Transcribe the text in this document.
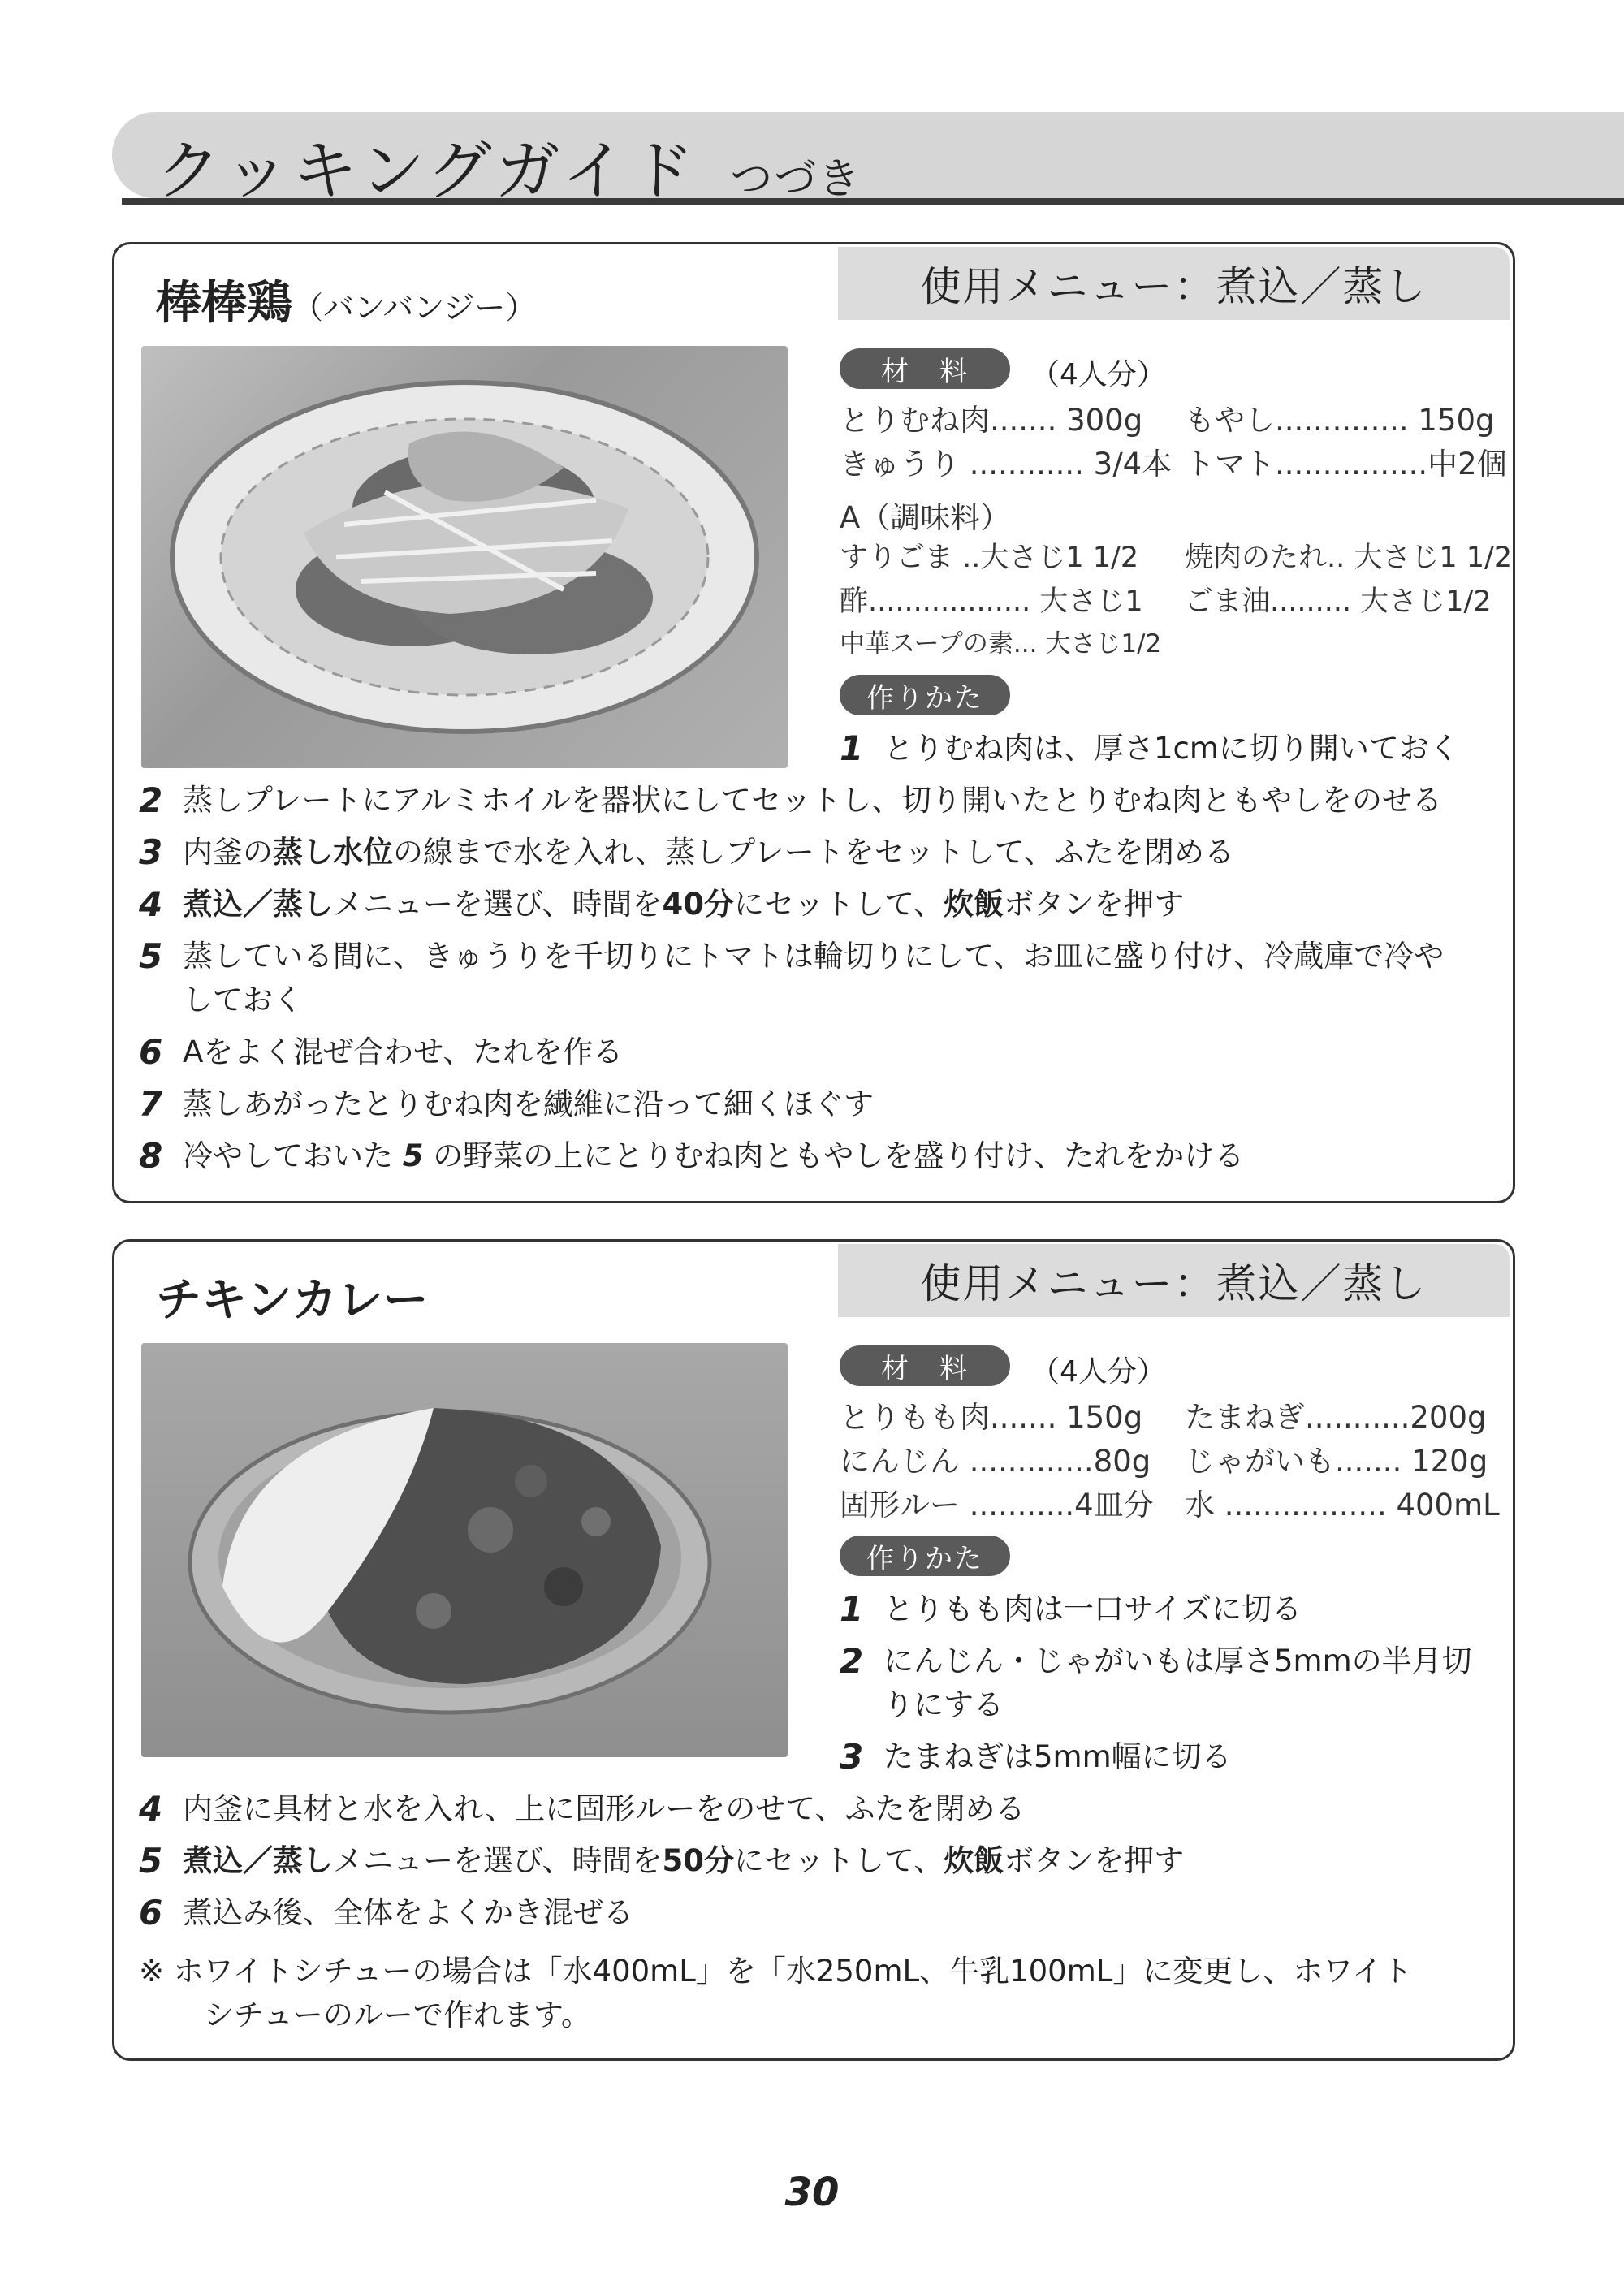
クッキングガイド つづき
棒棒鶏（バンバンジー）	使用メニュー：煮込／蒸し
材　料	（4人分）
とりむね肉....... 300g もやし.............. 150g
きゅうり ............ 3/4本 トマト................中2個
A（調味料）
すりごま ..大さじ1 1/2 焼肉のたれ.. 大さじ1 1/2
酢.................. 大さじ1 ごま油......... 大さじ1/2
中華スープの素... 大さじ1/2
作りかた
1 とりむね肉は、厚さ1cmに切り開いておく
2 蒸しプレートにアルミホイルを器状にしてセットし、切り開いたとりむね肉ともやしをのせる
3 内釜の蒸し水位の線まで水を入れ、蒸しプレートをセットして、ふたを閉める
4 煮込／蒸しメニューを選び、時間を40分にセットして、炊飯ボタンを押す
5 蒸している間に、きゅうりを千切りにトマトは輪切りにして、お皿に盛り付け、冷蔵庫で冷や
しておく
6 Aをよく混ぜ合わせ、たれを作る
7 蒸しあがったとりむね肉を繊維に沿って細くほぐす
8 冷やしておいた 5 の野菜の上にとりむね肉ともやしを盛り付け、たれをかける
チキンカレー	使用メニュー：煮込／蒸し
材　料	（4人分）
とりもも肉....... 150g たまねぎ...........200g
にんじん .............80g じゃがいも....... 120g
固形ルー ...........4皿分 水 ................. 400mL
作りかた
1 とりもも肉は一口サイズに切る
2 にんじん・じゃがいもは厚さ5mmの半月切
りにする
3 たまねぎは5mm幅に切る
4 内釜に具材と水を入れ、上に固形ルーをのせて、ふたを閉める
5 煮込／蒸しメニューを選び、時間を50分にセットして、炊飯ボタンを押す
6 煮込み後、全体をよくかき混ぜる
※ ホワイトシチューの場合は「水400mL」を「水250mL、牛乳100mL」に変更し、ホワイト
シチューのルーで作れます。
30
